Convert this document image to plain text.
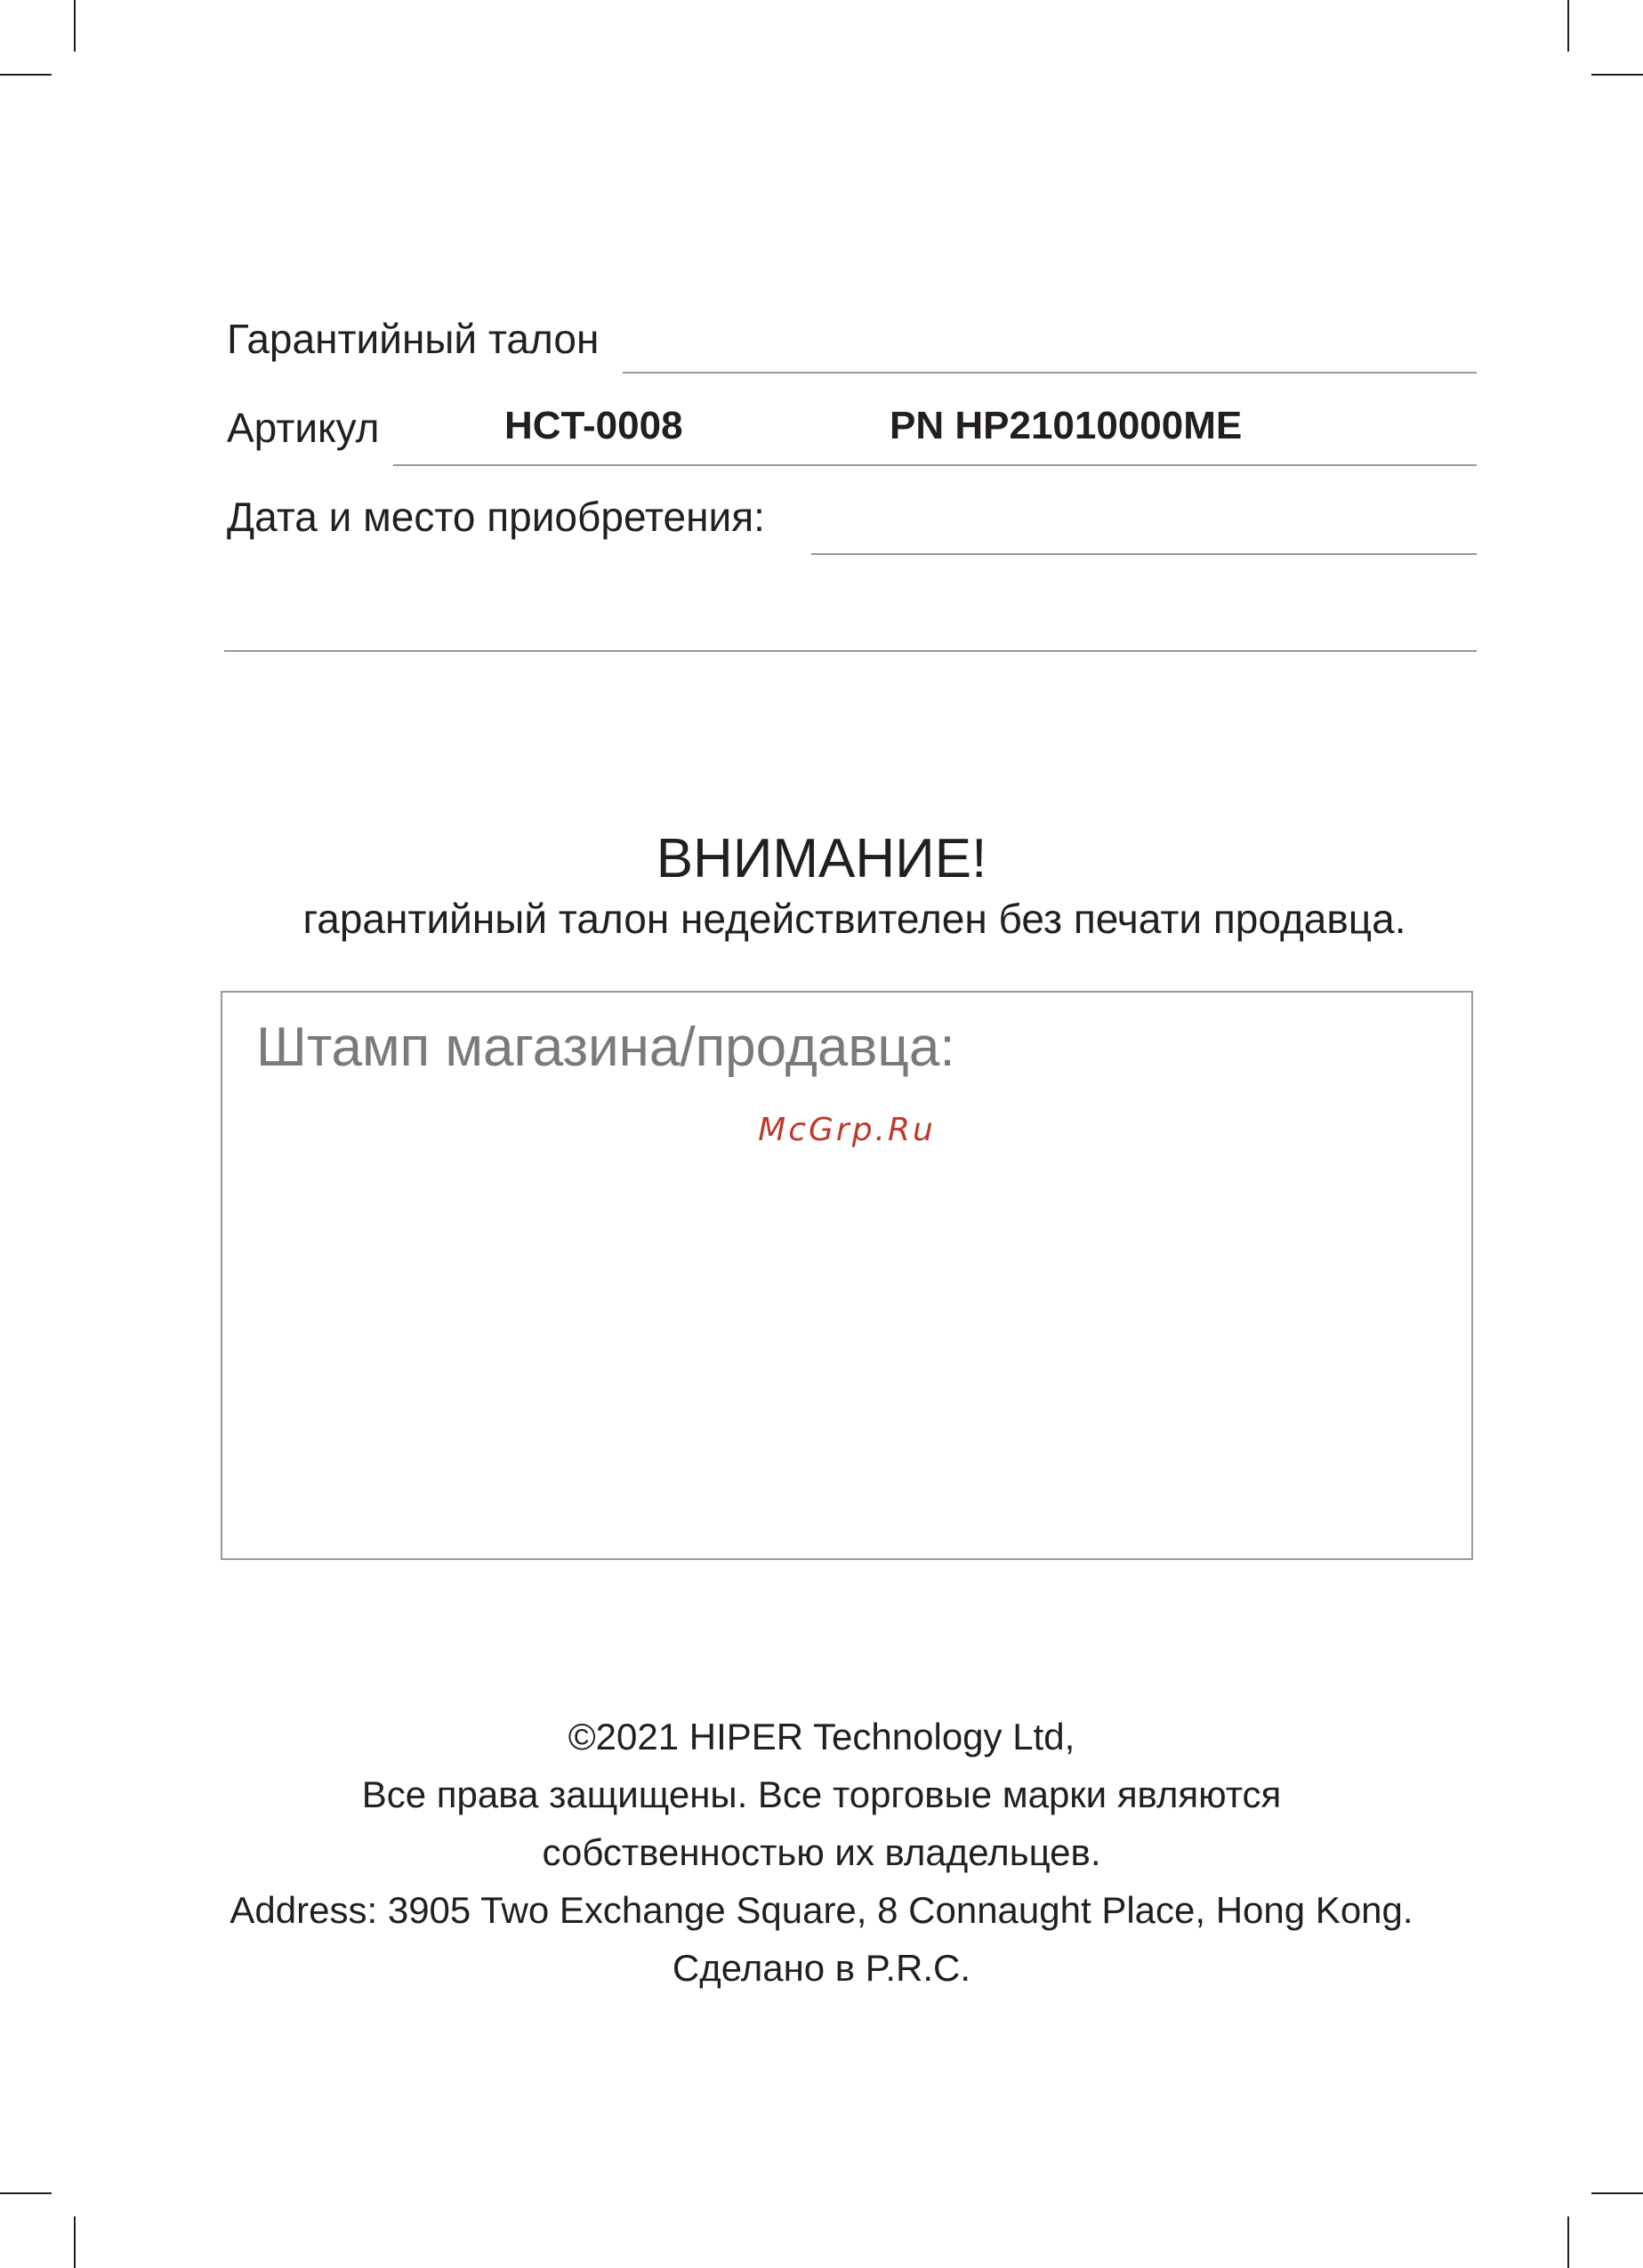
Гарантийный талон
Артикул	HCT-0008	PN HP21010000ME
Дата и место приобретения:
ВНИМАНИЕ!
гарантийный талон недействителен без печати продавца.
Штамп магазина/продавца:
McGrp.Ru
©2021 HIPER Technology Ltd,
Все права защищены. Все торговые марки являются
собственностью их владельцев.
Address: 3905 Two Exchange Square, 8 Connaught Place, Hong Kong.
Сделано в P.R.C.
